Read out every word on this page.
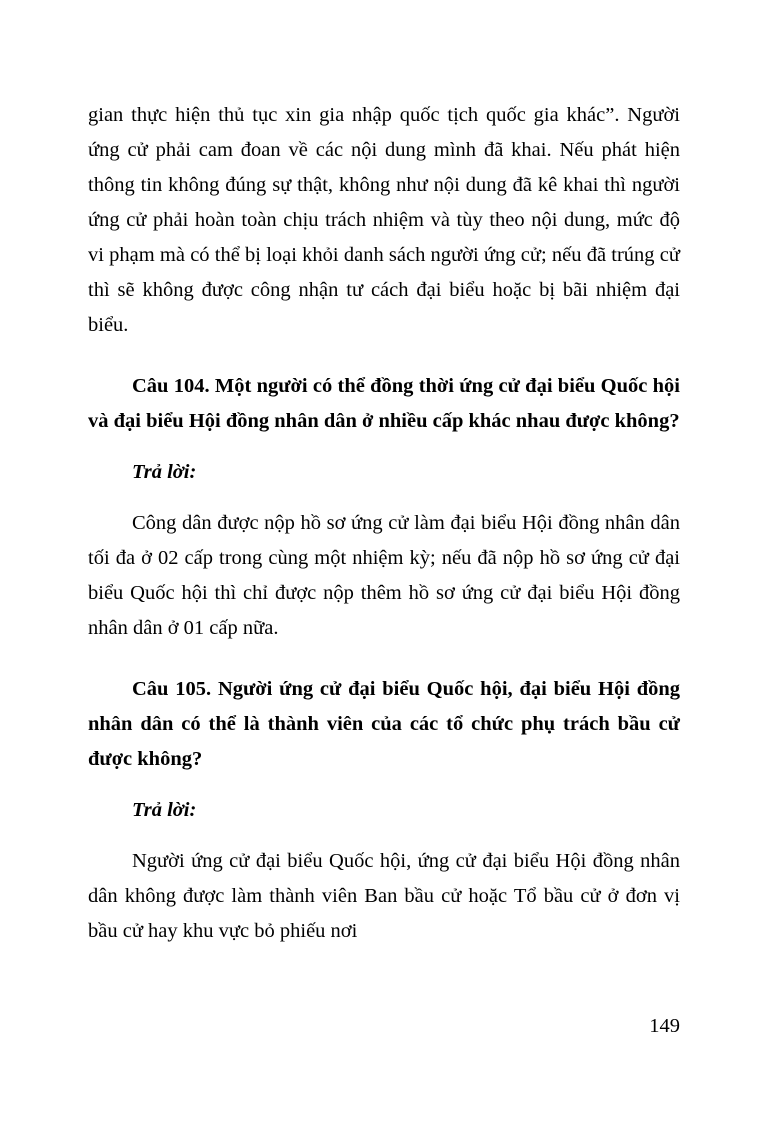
gian thực hiện thủ tục xin gia nhập quốc tịch quốc gia khác”. Người ứng cử phải cam đoan về các nội dung mình đã khai. Nếu phát hiện thông tin không đúng sự thật, không như nội dung đã kê khai thì người ứng cử phải hoàn toàn chịu trách nhiệm và tùy theo nội dung, mức độ vi phạm mà có thể bị loại khỏi danh sách người ứng cử; nếu đã trúng cử thì sẽ không được công nhận tư cách đại biểu hoặc bị bãi nhiệm đại biểu.

Câu 104. Một người có thể đồng thời ứng cử đại biểu Quốc hội và đại biểu Hội đồng nhân dân ở nhiều cấp khác nhau được không?

Trả lời:

Công dân được nộp hồ sơ ứng cử làm đại biểu Hội đồng nhân dân tối đa ở 02 cấp trong cùng một nhiệm kỳ; nếu đã nộp hồ sơ ứng cử đại biểu Quốc hội thì chỉ được nộp thêm hồ sơ ứng cử đại biểu Hội đồng nhân dân ở 01 cấp nữa.

Câu 105. Người ứng cử đại biểu Quốc hội, đại biểu Hội đồng nhân dân có thể là thành viên của các tổ chức phụ trách bầu cử được không?

Trả lời:

Người ứng cử đại biểu Quốc hội, ứng cử đại biểu Hội đồng nhân dân không được làm thành viên Ban bầu cử hoặc Tổ bầu cử ở đơn vị bầu cử hay khu vực bỏ phiếu nơi

149
